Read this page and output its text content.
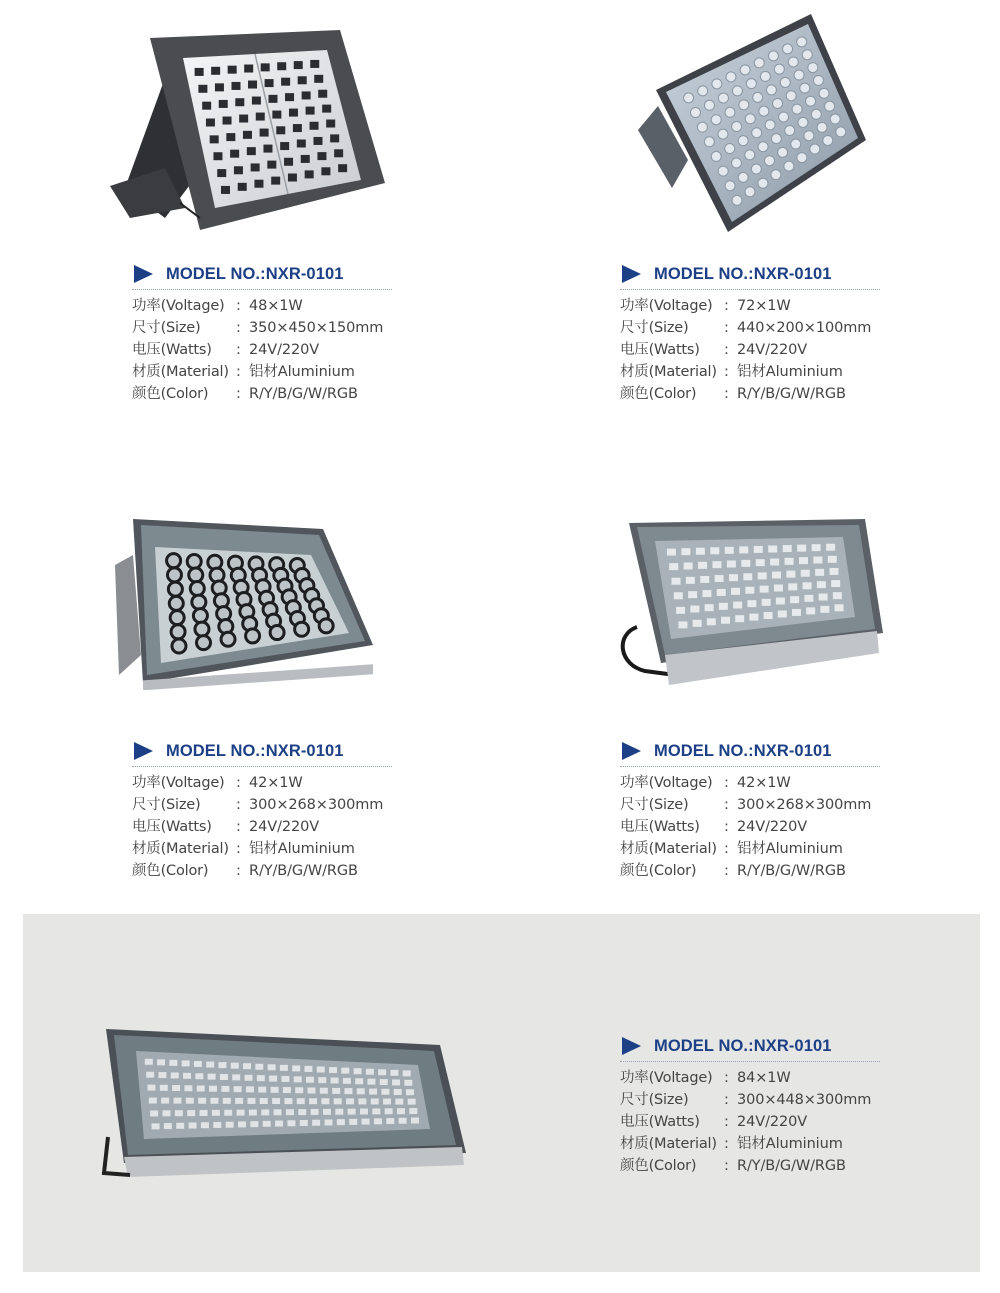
MODEL NO.:NXR-0101
功率(Voltage) : 48×1W
尺寸(Size)	: 350×450×150mm
电压(Watts)	: 24V/220V
材质(Material) : 铝材Aluminium
颜色(Color)	: R/Y/B/G/W/RGB
MODEL NO.:NXR-0101
功率(Voltage) : 72×1W
尺寸(Size)	: 440×200×100mm
电压(Watts)	: 24V/220V
材质(Material) : 铝材Aluminium
颜色(Color)	: R/Y/B/G/W/RGB
MODEL NO.:NXR-0101
功率(Voltage) : 42×1W
尺寸(Size)	: 300×268×300mm
电压(Watts)	: 24V/220V
材质(Material) : 铝材Aluminium
颜色(Color)	: R/Y/B/G/W/RGB
MODEL NO.:NXR-0101
功率(Voltage) : 42×1W
尺寸(Size)	: 300×268×300mm
电压(Watts)	: 24V/220V
材质(Material) : 铝材Aluminium
颜色(Color)	: R/Y/B/G/W/RGB
MODEL NO.:NXR-0101
功率(Voltage) : 84×1W
尺寸(Size)	: 300×448×300mm
电压(Watts)	: 24V/220V
材质(Material) : 铝材Aluminium
颜色(Color)	: R/Y/B/G/W/RGB
